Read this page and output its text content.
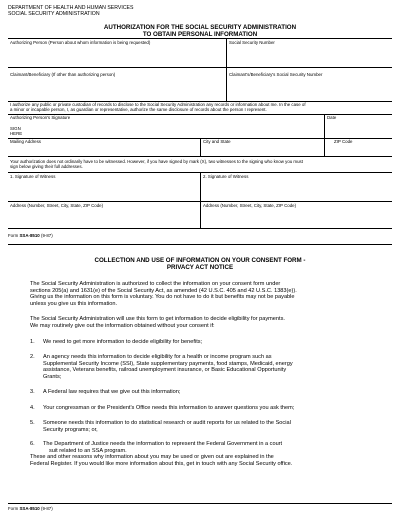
DEPARTMENT OF HEALTH AND HUMAN SERVICES
SOCIAL SECURITY ADMINISTRATION
AUTHORIZATION FOR THE SOCIAL SECURITY ADMINISTRATION
TO OBTAIN PERSONAL INFORMATION
Authorizing Person (Person about whom information is being requested)	Social Security Number
Claimant/Beneficiary (If other than authorizing person)	Claimant's/Beneficiary's Social Security Number
I authorize any public or private custodian of records to disclose to the Social Security Administration any records or information about me. In the case of
a minor or incapable person, I, as guardian or representative, authorize the same disclosure of records about the person I represent.
Authorizing Person's Signature
SIGN
HERE
Date
Mailing Address	City and State	ZIP Code
Your authorization does not ordinarily have to be witnessed. However, if you have signed by mark (X), two witnesses to the signing who know you must
sign below giving their full addresses.
1. Signature of Witness	2. Signature of Witness
Address (Number, Street, City, State, ZIP Code)	Address (Number, Street, City, State, ZIP Code)
Form SSA-8510 (9-87)
COLLECTION AND USE OF INFORMATION ON YOUR CONSENT FORM -
PRIVACY ACT NOTICE
The Social Security Administration is authorized to collect the information on your consent form under
sections 205(a) and 1631(e) of the Social Security Act, as amended (42 U.S.C. 405 and 42 U.S.C. 1383(e)).
Giving us the information on this form is voluntary. You do not have to do it but benefits may not be payable
unless you give us this information.
The Social Security Administration will use this form to get information to decide eligibility for payments.
We may routinely give out the information obtained without your consent if:
1. We need to get more information to decide eligibility for benefits;
2. An agency needs this information to decide eligibility for a health or income program such as
Supplemental Security Income (SSI), State supplementary payments, food stamps, Medicaid, energy
assistance, Veterans benefits, railroad unemployment insurance, or Basic Educational Opportunity
Grants;
3. A Federal law requires that we give out this information;
4. Your congressman or the President's Office needs this information to answer questions you ask them;
5. Someone needs this information to do statistical research or audit reports for us related to the Social
Security programs; or,
6. The Department of Justice needs the information to represent the Federal Government in a court
suit related to an SSA program.
These and other reasons why information about you may be used or given out are explained in the
Federal Register. If you would like more information about this, get in touch with any Social Security office.
Form SSA-8510 (9-87)
